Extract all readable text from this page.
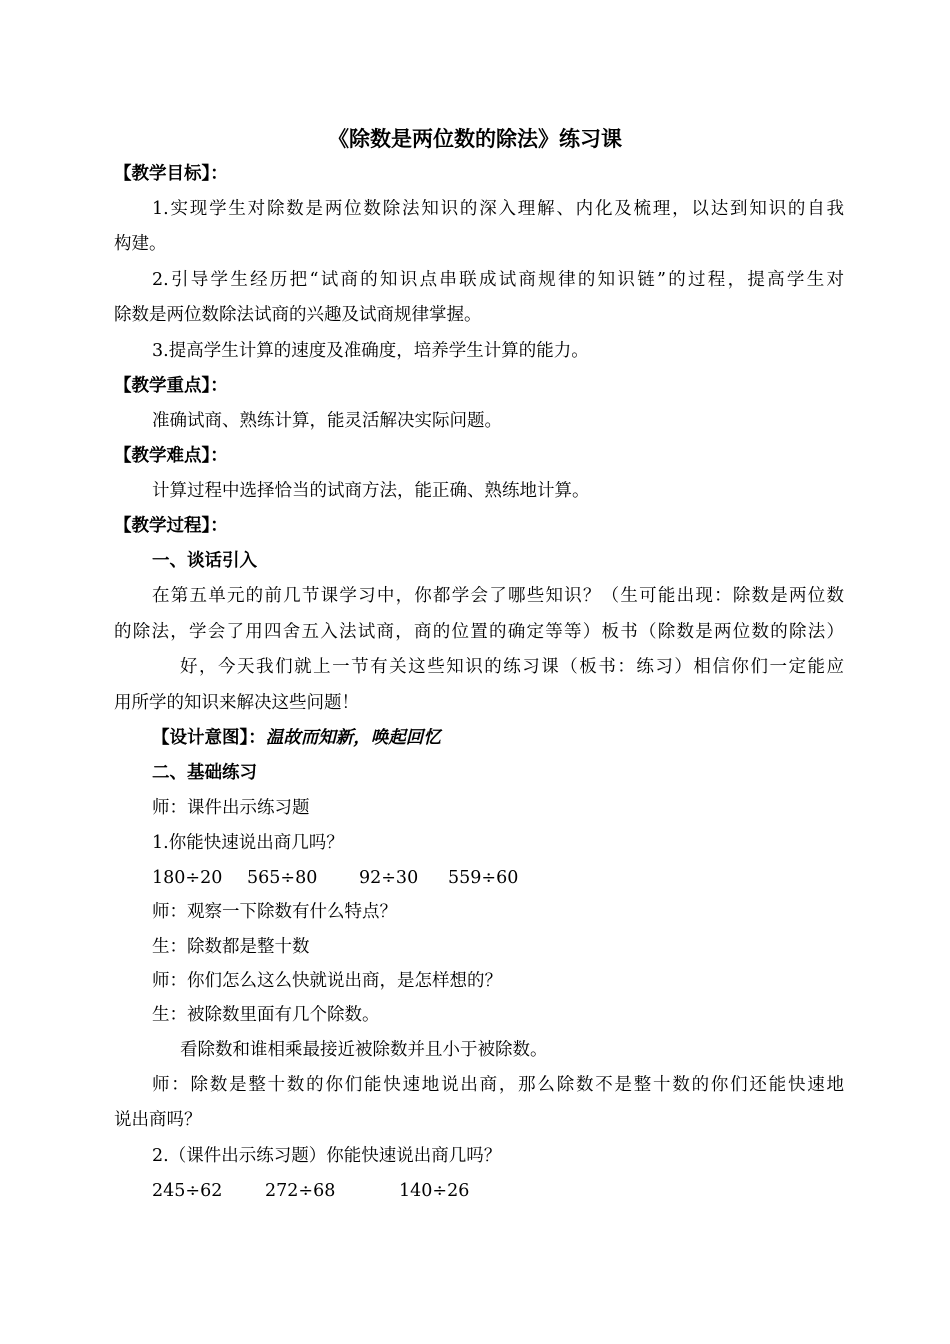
《除数是两位数的除法》练习课
【教学目标】：
1.实现学生对除数是两位数除法知识的深入理解、内化及梳理，以达到知识的自我
构建。
2.引导学生经历把“试商的知识点串联成试商规律的知识链”的过程，提高学生对
除数是两位数除法试商的兴趣及试商规律掌握。
3.提高学生计算的速度及准确度，培养学生计算的能力。
【教学重点】：
准确试商、熟练计算，能灵活解决实际问题。
【教学难点】：
计算过程中选择恰当的试商方法，能正确、熟练地计算。
【教学过程】：
一、谈话引入
在第五单元的前几节课学习中，你都学会了哪些知识？（生可能出现：除数是两位数
的除法，学会了用四舍五入法试商，商的位置的确定等等）板书（除数是两位数的除法）
好，今天我们就上一节有关这些知识的练习课（板书：练习）相信你们一定能应
用所学的知识来解决这些问题！
【设计意图】：温故而知新，唤起回忆
二、基础练习
师：课件出示练习题
1.你能快速说出商几吗？
180÷20 565÷80 92÷30 559÷60
师：观察一下除数有什么特点？
生：除数都是整十数
师：你们怎么这么快就说出商，是怎样想的？
生：被除数里面有几个除数。
看除数和谁相乘最接近被除数并且小于被除数。
师：除数是整十数的你们能快速地说出商，那么除数不是整十数的你们还能快速地
说出商吗？
2.（课件出示练习题）你能快速说出商几吗？
245÷62 272÷68	140÷26
